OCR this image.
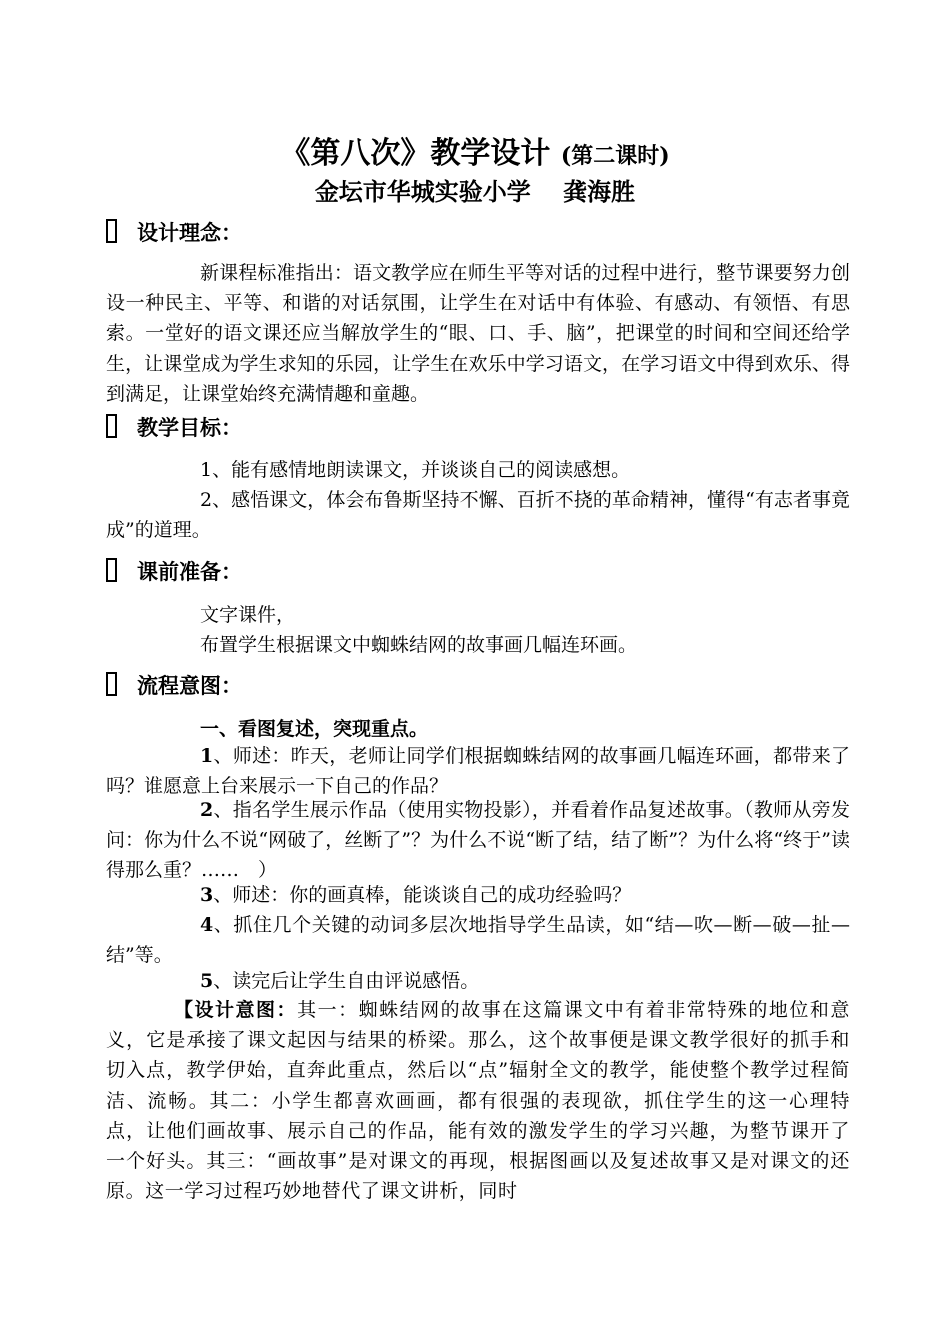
《第八次》教学设计 (第二课时)
金坛市华城实验小学　 龚海胜
设计理念：
新课程标准指出：语文教学应在师生平等对话的过程中进行，整节课要努力创设一种民主、平等、和谐的对话氛围，让学生在对话中有体验、有感动、有领悟、有思索。一堂好的语文课还应当解放学生的“眼、口、手、脑”，把课堂的时间和空间还给学生，让课堂成为学生求知的乐园，让学生在欢乐中学习语文，在学习语文中得到欢乐、得到满足，让课堂始终充满情趣和童趣。
教学目标：
1、能有感情地朗读课文，并谈谈自己的阅读感想。
2、感悟课文，体会布鲁斯坚持不懈、百折不挠的革命精神，懂得“有志者事竟成”的道理。
课前准备：
文字课件，
布置学生根据课文中蜘蛛结网的故事画几幅连环画。
流程意图：
一、看图复述，突现重点。
1、师述：昨天，老师让同学们根据蜘蛛结网的故事画几幅连环画，都带来了吗？谁愿意上台来展示一下自己的作品？
2、指名学生展示作品（使用实物投影），并看着作品复述故事。（教师从旁发问：你为什么不说“网破了，丝断了”？为什么不说“断了结，结了断”？为什么将“终于”读得那么重？……　）
3、师述：你的画真棒，能谈谈自己的成功经验吗？
4、抓住几个关键的动词多层次地指导学生品读，如“结—吹—断—破—扯—结”等。
5、读完后让学生自由评说感悟。
【设计意图：其一：蜘蛛结网的故事在这篇课文中有着非常特殊的地位和意义，它是承接了课文起因与结果的桥梁。那么，这个故事便是课文教学很好的抓手和切入点，教学伊始，直奔此重点，然后以“点”辐射全文的教学，能使整个教学过程简洁、流畅。其二：小学生都喜欢画画，都有很强的表现欲，抓住学生的这一心理特点，让他们画故事、展示自己的作品，能有效的激发学生的学习兴趣，为整节课开了一个好头。其三：“画故事”是对课文的再现，根据图画以及复述故事又是对课文的还原。这一学习过程巧妙地替代了课文讲析，同时
